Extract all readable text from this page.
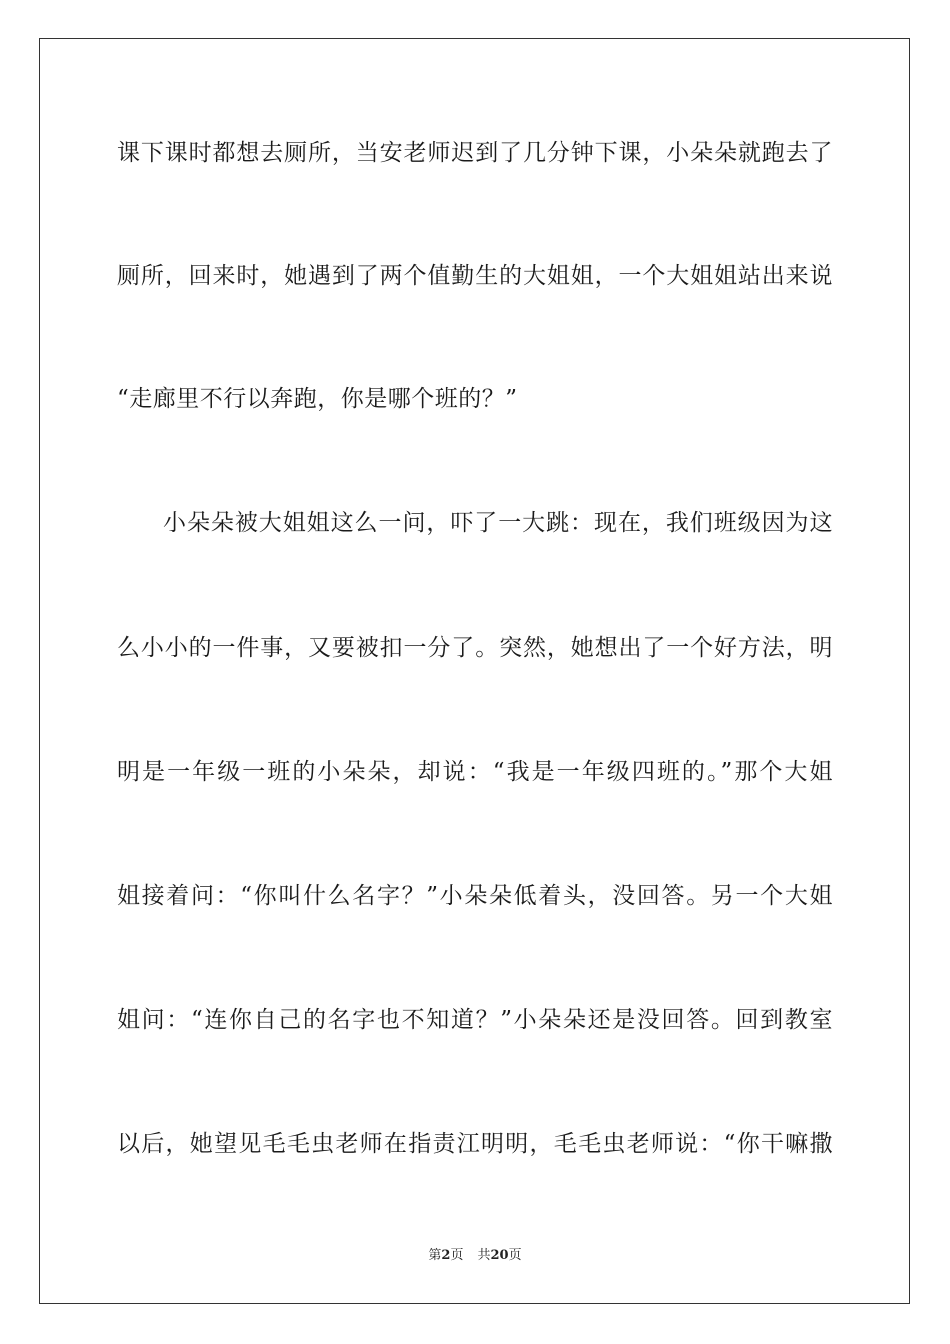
课下课时都想去厕所，当安老师迟到了几分钟下课，小朵朵就跑去了
厕所，回来时，她遇到了两个值勤生的大姐姐，一个大姐姐站出来说
“走廊里不行以奔跑，你是哪个班的？”
小朵朵被大姐姐这么一问，吓了一大跳：现在，我们班级因为这
么小小的一件事，又要被扣一分了。突然，她想出了一个好方法，明
明是一年级一班的小朵朵，却说：“我是一年级四班的。”那个大姐
姐接着问：“你叫什么名字？”小朵朵低着头，没回答。另一个大姐
姐问：“连你自己的名字也不知道？”小朵朵还是没回答。回到教室
以后，她望见毛毛虫老师在指责江明明，毛毛虫老师说：“你干嘛撒
第2页 共20页
